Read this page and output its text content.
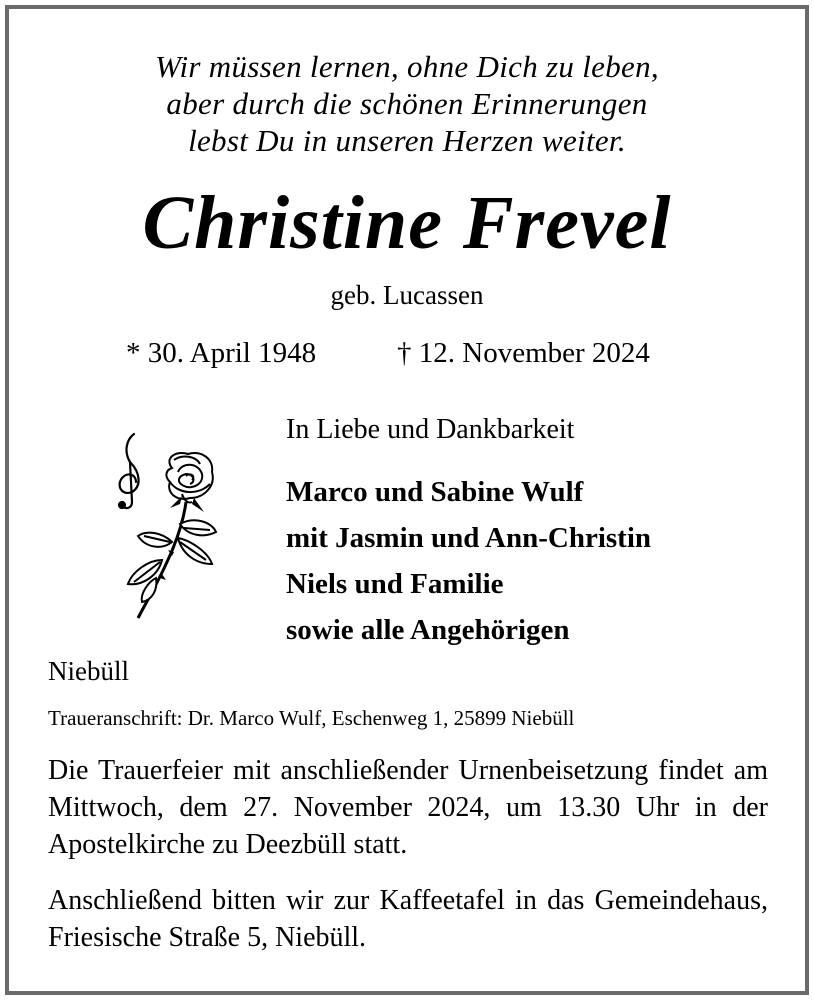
Wir müssen lernen, ohne Dich zu leben,
aber durch die schönen Erinnerungen
lebst Du in unseren Herzen weiter.
Christine Frevel
geb. Lucassen
* 30. April 1948	† 12. November 2024
In Liebe und Dankbarkeit
Marco und Sabine Wulf
mit Jasmin und Ann-Christin
Niels und Familie
sowie alle Angehörigen
Niebüll
Traueranschrift: Dr. Marco Wulf, Eschenweg 1, 25899 Niebüll
Die Trauerfeier mit anschließender Urnenbeisetzung findet am Mittwoch, dem 27. November 2024, um 13.30 Uhr in der Apostelkirche zu Deezbüll statt.
Anschließend bitten wir zur Kaffeetafel in das Gemeindehaus, Friesische Straße 5, Niebüll.
